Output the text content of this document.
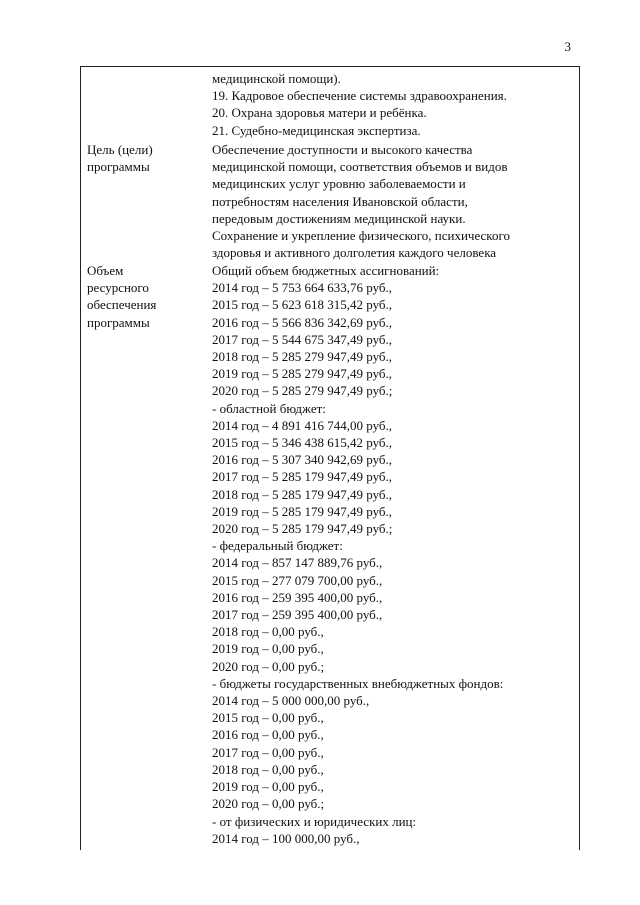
3
медицинской помощи).
19. Кадровое обеспечение системы здравоохранения.
20. Охрана здоровья матери и ребёнка.
21. Судебно-медицинская экспертиза.
Цель (цели)
программы
Обеспечение доступности и высокого качества
медицинской помощи, соответствия объемов и видов
медицинских услуг уровню заболеваемости и
потребностям населения Ивановской области,
передовым достижениям медицинской науки.
Сохранение и укрепление физического, психического
здоровья и активного долголетия каждого человека
Объем
ресурсного
обеспечения
программы
Общий объем бюджетных ассигнований:
2014 год – 5 753 664 633,76 руб.,
2015 год – 5 623 618 315,42 руб.,
2016 год – 5 566 836 342,69 руб.,
2017 год – 5 544 675 347,49 руб.,
2018 год – 5 285 279 947,49 руб.,
2019 год – 5 285 279 947,49 руб.,
2020 год – 5 285 279 947,49 руб.;
- областной бюджет:
2014 год – 4 891 416 744,00 руб.,
2015 год – 5 346 438 615,42 руб.,
2016 год – 5 307 340 942,69 руб.,
2017 год – 5 285 179 947,49 руб.,
2018 год – 5 285 179 947,49 руб.,
2019 год – 5 285 179 947,49 руб.,
2020 год – 5 285 179 947,49 руб.;
- федеральный бюджет:
2014 год – 857 147 889,76 руб.,
2015 год – 277 079 700,00 руб.,
2016 год – 259 395 400,00 руб.,
2017 год – 259 395 400,00 руб.,
2018 год – 0,00 руб.,
2019 год – 0,00 руб.,
2020 год – 0,00 руб.;
- бюджеты государственных внебюджетных фондов:
2014 год – 5 000 000,00 руб.,
2015 год – 0,00 руб.,
2016 год – 0,00 руб.,
2017 год – 0,00 руб.,
2018 год – 0,00 руб.,
2019 год – 0,00 руб.,
2020 год – 0,00 руб.;
- от физических и юридических лиц:
2014 год – 100 000,00 руб.,
